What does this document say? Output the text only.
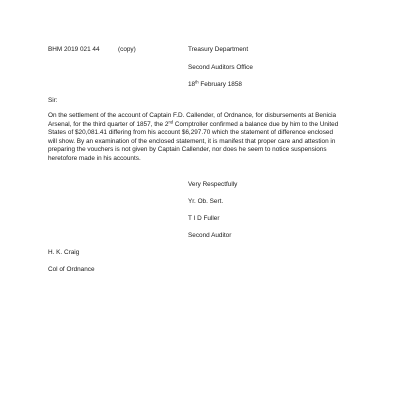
BHM 2019 021 44	(copy)	Treasury Department
Second Auditors Office
18th February 1858
Sir:
On the settlement of the account of Captain F.D. Callender, of Ordnance, for disbursements at Benicia
Arsenal, for the third quarter of 1857, the 2nd Comptroller confirmed a balance due by him to the United
States of $20,081.41 differing from his account $6,297.70 which the statement of difference enclosed
will show. By an examination of the enclosed statement, it is manifest that proper care and attestion in
preparing the vouchers is not given by Captain Callender, nor does he seem to notice suspensions
heretofore made in his accounts.
Very Respectfully
Yr. Ob. Sert.
T I D Fuller
Second Auditor
H. K. Craig
Col of Ordnance
